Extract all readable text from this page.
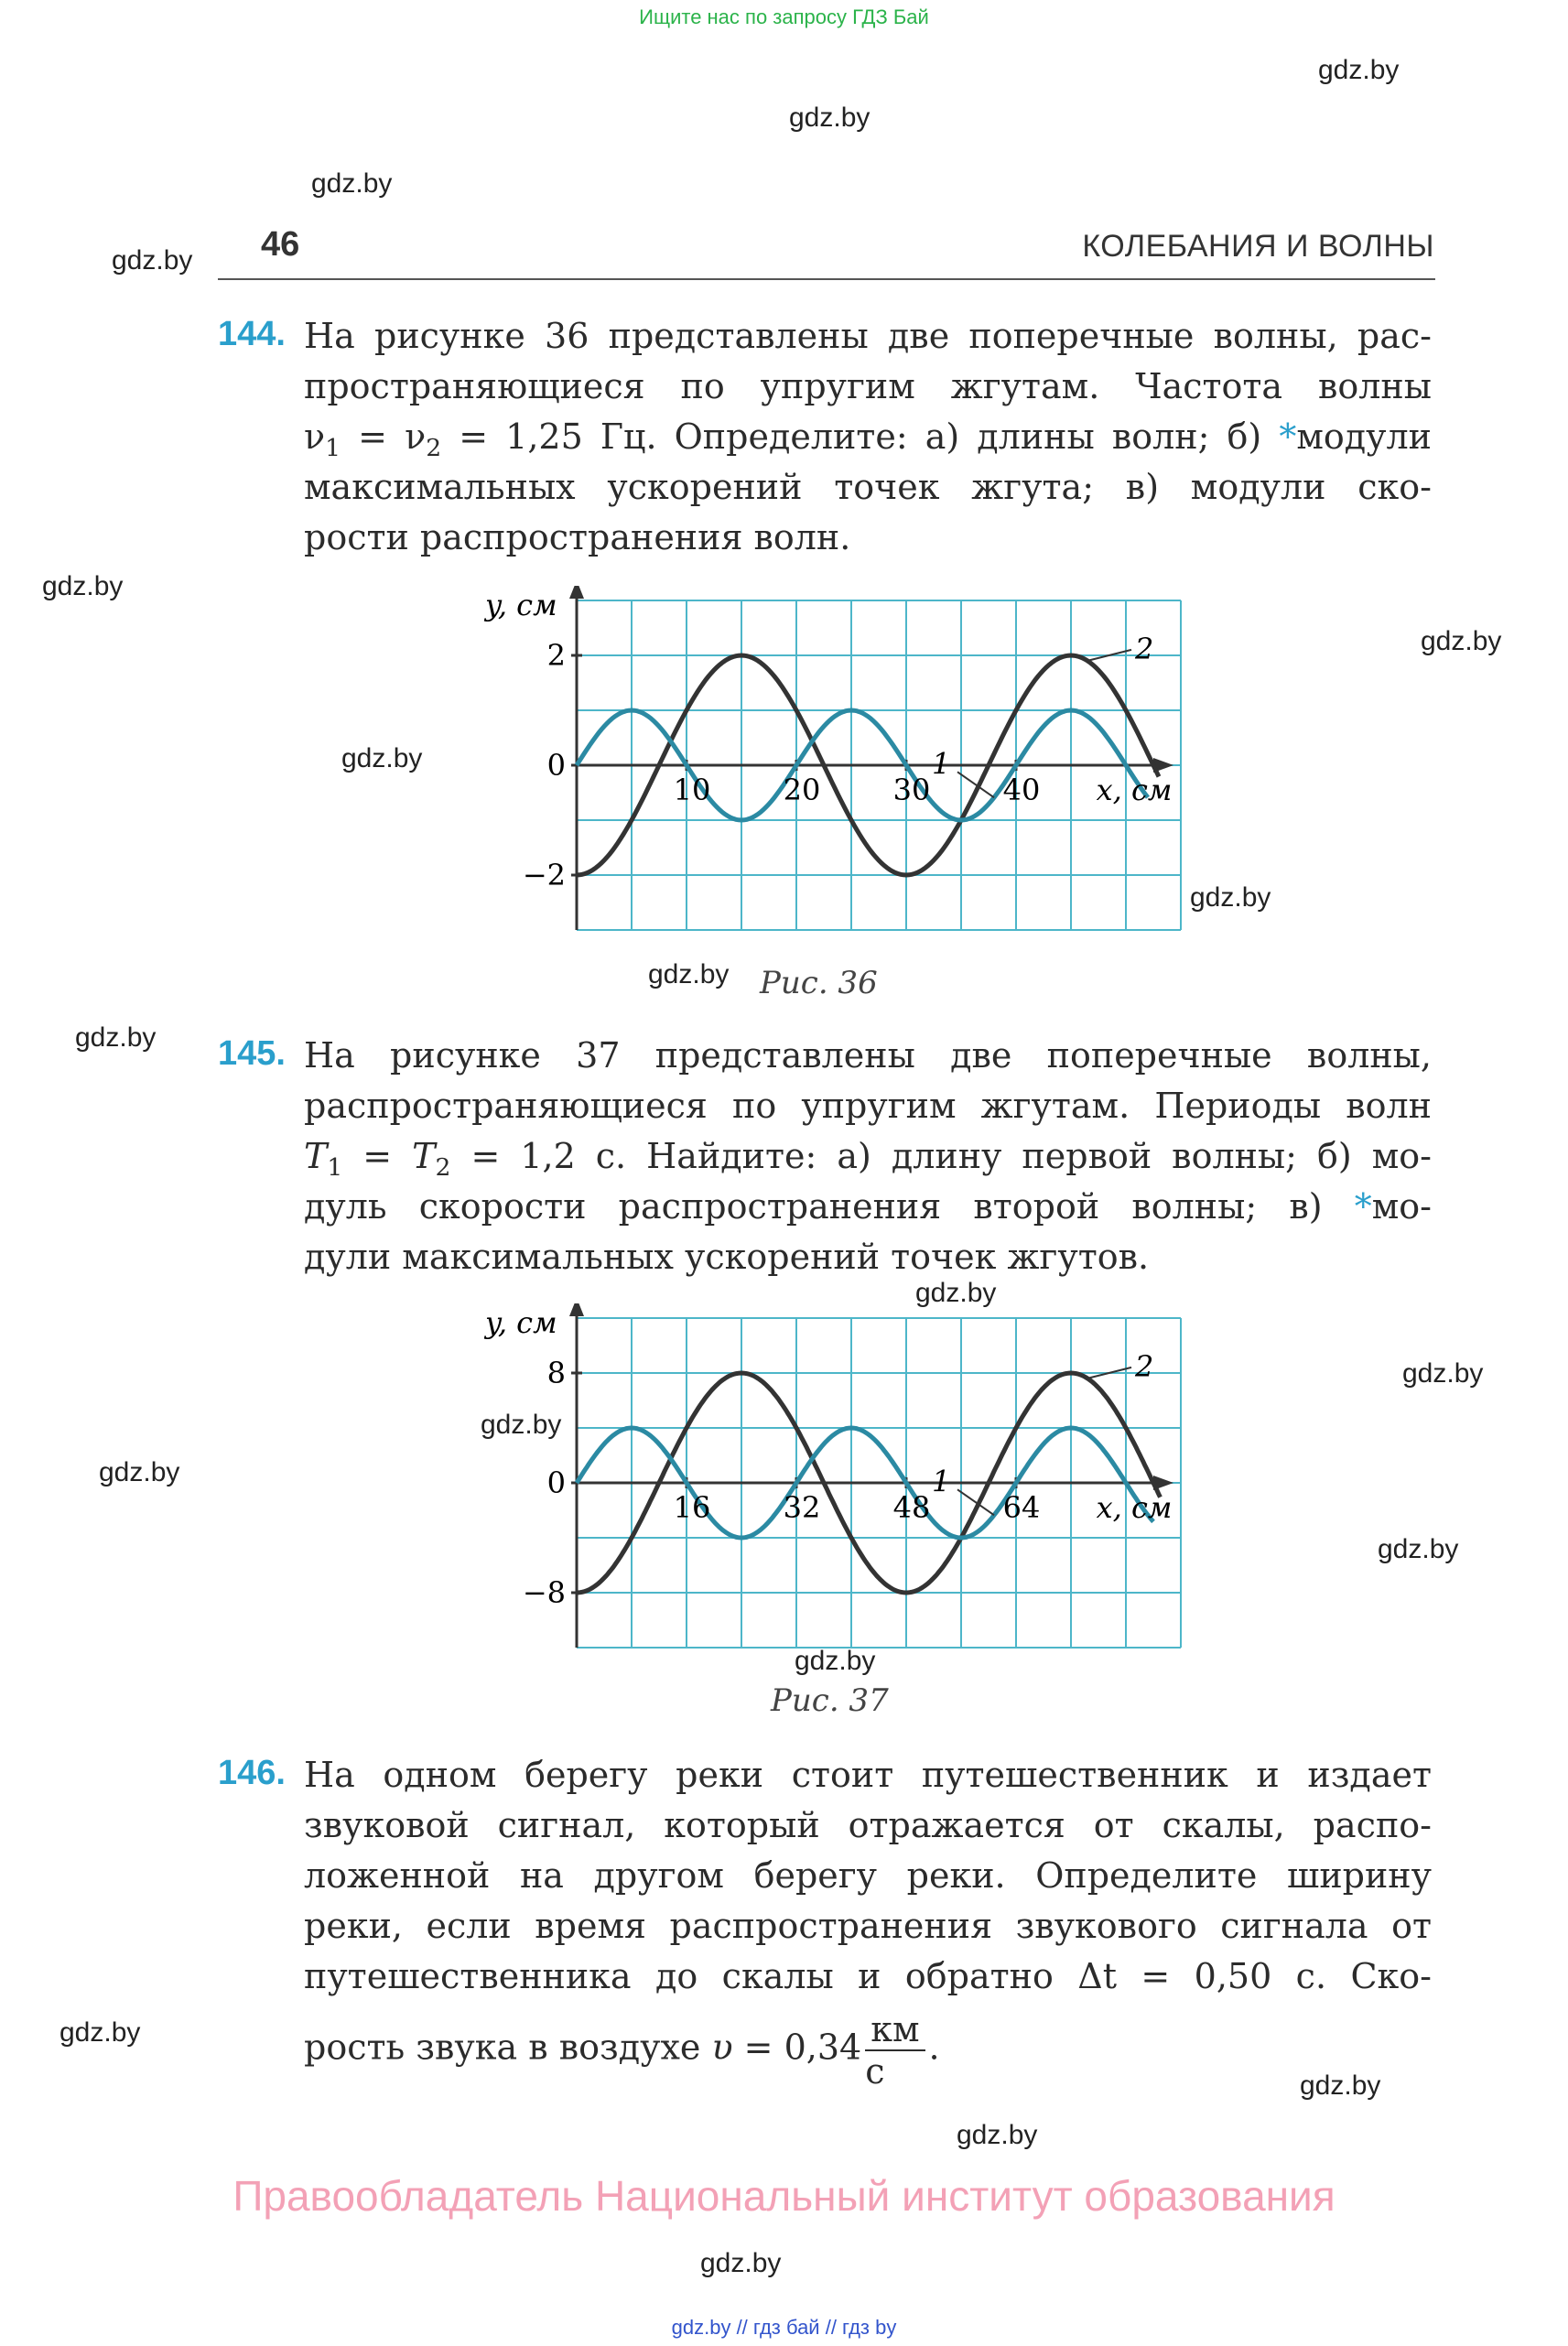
Ищите нас по запросу ГДЗ Бай
gdz.by
gdz.by
gdz.by
gdz.by
gdz.by
gdz.by
gdz.by
gdz.by
gdz.by
gdz.by
gdz.by
gdz.by
gdz.by
gdz.by
gdz.by
gdz.by
gdz.by
gdz.by
gdz.by
gdz.by
46	КОЛЕБАНИЯ И ВОЛНЫ
144. На рисунке 36 представлены две поперечные волны, рас-
пространяющиеся по упругим жгутам. Частота волны
$\nu_1 = \nu_2 = 1,25$ Гц. Определите: а) длины волн; б) *модули
максимальных ускорений точек жгута; в) модули ско-
рости распространения волн.
y, см
x, см
2
0
−2
10 20 30 40
1
2
Рис. 36
145. На рисунке 37 представлены две поперечные волны,
распространяющиеся по упругим жгутам. Периоды волн
$T_1 = T_2 = 1,2$ с. Найдите: а) длину первой волны; б) мо-
дуль скорости распространения второй волны; в) *мо-
дули максимальных ускорений точек жгутов.
y, см
x, см
8
0
−8
16 32 48 64
1
2
Рис. 37
146. На одном берегу реки стоит путешественник и издает
звуковой сигнал, который отражается от скалы, распо-
ложенной на другом берегу реки. Определите ширину
реки, если время распространения звукового сигнала от
путешественника до скалы и обратно Δt = 0,50 с. Ско-
рость звука в воздухе $\upsilon = 0,34 \frac{км}{с}$ .
Правообладатель Национальный институт образования
gdz.by // гдз бай // гдз by
